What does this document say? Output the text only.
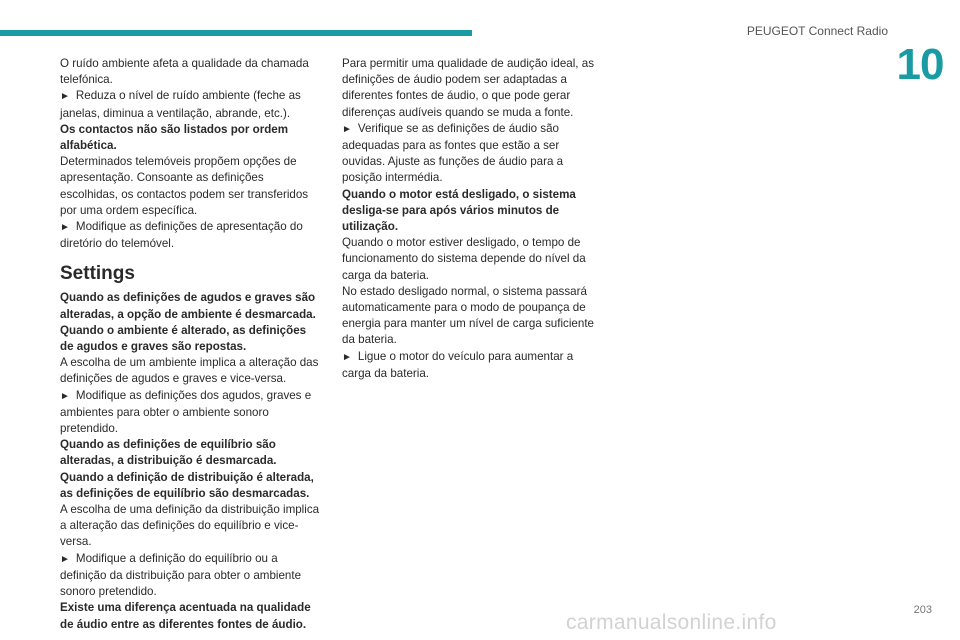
PEUGEOT Connect Radio
10

O ruído ambiente afeta a qualidade da chamada telefónica.

► Reduza o nível de ruído ambiente (feche as janelas, diminua a ventilação, abrande, etc.).

Os contactos não são listados por ordem alfabética.

Determinados telemóveis propõem opções de apresentação. Consoante as definições escolhidas, os contactos podem ser transferidos por uma ordem específica.

► Modifique as definições de apresentação do diretório do telemóvel.

Settings

Quando as definições de agudos e graves são alteradas, a opção de ambiente é desmarcada.

Quando o ambiente é alterado, as definições de agudos e graves são repostas.

A escolha de um ambiente implica a alteração das definições de agudos e graves e vice-versa.

► Modifique as definições dos agudos, graves e ambientes para obter o ambiente sonoro pretendido.

Quando as definições de equilíbrio são alteradas, a distribuição é desmarcada.

Quando a definição de distribuição é alterada, as definições de equilíbrio são desmarcadas.

A escolha de uma definição da distribuição implica a alteração das definições do equilíbrio e vice-versa.

► Modifique a definição do equilíbrio ou a definição da distribuição para obter o ambiente sonoro pretendido.

Existe uma diferença acentuada na qualidade de áudio entre as diferentes fontes de áudio.

Para permitir uma qualidade de audição ideal, as definições de áudio podem ser adaptadas a diferentes fontes de áudio, o que pode gerar diferenças audíveis quando se muda a fonte.

► Verifique se as definições de áudio são adequadas para as fontes que estão a ser ouvidas. Ajuste as funções de áudio para a posição intermédia.

Quando o motor está desligado, o sistema desliga-se para após vários minutos de utilização.

Quando o motor estiver desligado, o tempo de funcionamento do sistema depende do nível da carga da bateria.

No estado desligado normal, o sistema passará automaticamente para o modo de poupança de energia para manter um nível de carga suficiente da bateria.

► Ligue o motor do veículo para aumentar a carga da bateria.

203
carmanualsonline.info
